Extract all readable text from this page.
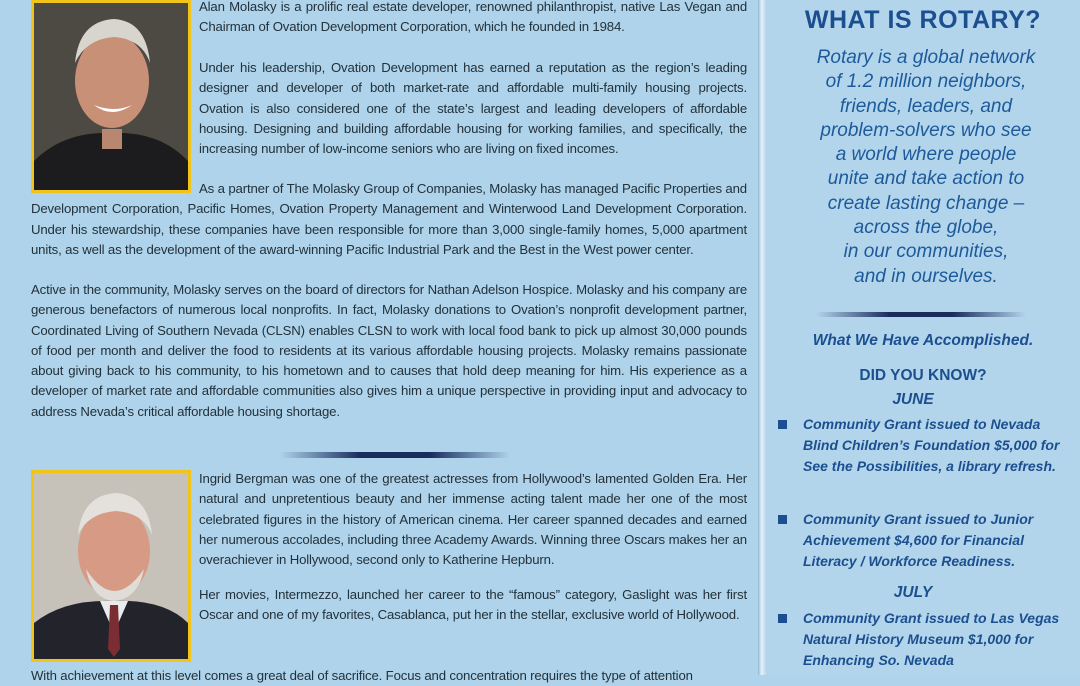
Alan Molasky is a prolific real estate developer, renowned philanthropist, native Las Vegan and Chairman of Ovation Development Corporation, which he founded in 1984.

Under his leadership, Ovation Development has earned a reputation as the region’s leading designer and developer of both market-rate and affordable multi-family housing projects. Ovation is also considered one of the state’s largest and leading developers of affordable housing. Designing and building affordable housing for working families, and specifically, the increasing number of low-income seniors who are living on fixed incomes.

As a partner of The Molasky Group of Companies, Molasky has managed Pacific Properties and Development Corporation, Pacific Homes, Ovation Property Management and Winterwood Land Development Corporation. Under his stewardship, these companies have been responsible for more than 3,000 single-family homes, 5,000 apartment units, as well as the development of the award-winning Pacific Industrial Park and the Best in the West power center.

Active in the community, Molasky serves on the board of directors for Nathan Adelson Hospice. Molasky and his company are generous benefactors of numerous local nonprofits. In fact, Molasky donations to Ovation’s nonprofit development partner, Coordinated Living of Southern Nevada (CLSN) enables CLSN to work with local food bank to pick up almost 30,000 pounds of food per month and deliver the food to residents at its various affordable housing projects. Molasky remains passionate about giving back to his community, to his hometown and to causes that hold deep meaning for him. His experience as a developer of market rate and affordable communities also gives him a unique perspective in providing input and advocacy to address Nevada’s critical affordable housing shortage.

Ingrid Bergman was one of the greatest actresses from Hollywood’s lamented Golden Era. Her natural and unpretentious beauty and her immense acting talent made her one of the most celebrated figures in the history of American cinema. Her career spanned decades and earned her numerous accolades, including three Academy Awards. Winning three Oscars makes her an overachiever in Hollywood, second only to Katherine Hepburn.

Her movies, Intermezzo, launched her career to the “famous” category, Gaslight was her first Oscar and one of my favorites, Casablanca, put her in the stellar, exclusive world of Hollywood.

With achievement at this level comes a great deal of sacrifice. Focus and concentration requires the type of attention

WHAT IS ROTARY?
Rotary is a global network
of 1.2 million neighbors,
friends, leaders, and
problem-solvers who see
a world where people
unite and take action to
create lasting change –
across the globe,
in our communities,
and in ourselves.
What We Have Accomplished.
DID YOU KNOW?
JUNE

Community Grant issued to Nevada Blind Children’s Foundation $5,000 for See the Possibilities, a library refresh.

Community Grant issued to Junior Achievement $4,600 for Financial Literacy / Workforce Readiness.

JULY

Community Grant issued to Las Vegas Natural History Museum $1,000 for Enhancing So. Nevada
